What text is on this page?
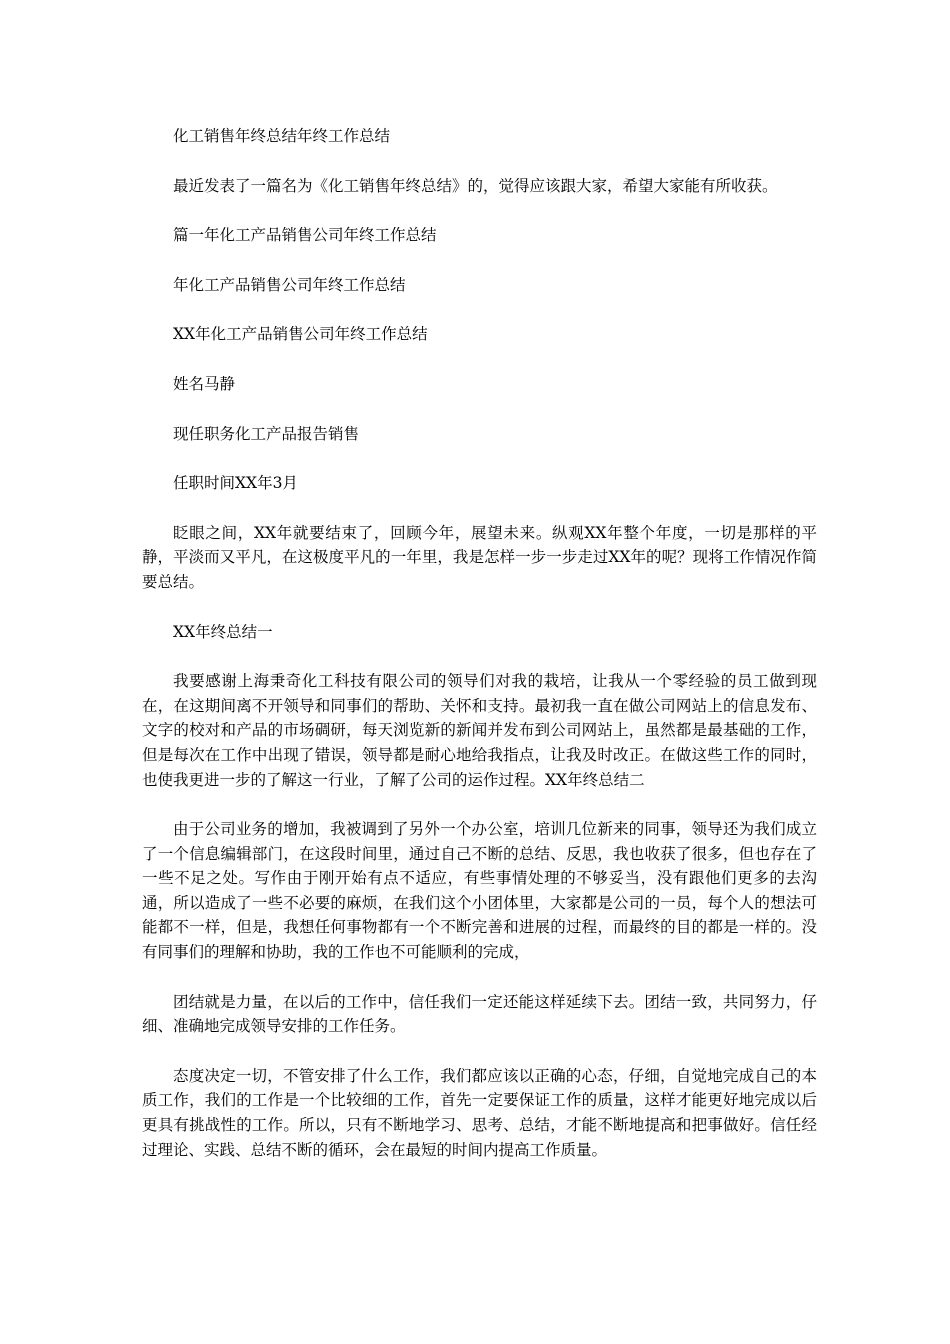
化工销售年终总结年终工作总结

最近发表了一篇名为《化工销售年终总结》的，觉得应该跟大家，希望大家能有所收获。

篇一年化工产品销售公司年终工作总结

年化工产品销售公司年终工作总结

XX年化工产品销售公司年终工作总结

姓名马静

现任职务化工产品报告销售

任职时间XX年3月

眨眼之间，XX年就要结束了，回顾今年，展望未来。纵观XX年整个年度，一切是那样的平静，平淡而又平凡，在这极度平凡的一年里，我是怎样一步一步走过XX年的呢？现将工作情况作简要总结。

XX年终总结一

我要感谢上海秉奇化工科技有限公司的领导们对我的栽培，让我从一个零经验的员工做到现在，在这期间离不开领导和同事们的帮助、关怀和支持。最初我一直在做公司网站上的信息发布、文字的校对和产品的市场碉研，每天浏览新的新闻并发布到公司网站上，虽然都是最基础的工作，但是每次在工作中出现了错误，领导都是耐心地给我指点，让我及时改正。在做这些工作的同时，也使我更进一步的了解这一行业，了解了公司的运作过程。XX年终总结二

由于公司业务的增加，我被调到了另外一个办公室，培训几位新来的同事，领导还为我们成立了一个信息编辑部门，在这段时间里，通过自己不断的总结、反思，我也收获了很多，但也存在了一些不足之处。写作由于刚开始有点不适应，有些事情处理的不够妥当，没有跟他们更多的去沟通，所以造成了一些不必要的麻烦，在我们这个小团体里，大家都是公司的一员，每个人的想法可能都不一样，但是，我想任何事物都有一个不断完善和进展的过程，而最终的目的都是一样的。没有同事们的理解和协助，我的工作也不可能顺利的完成，

团结就是力量，在以后的工作中，信任我们一定还能这样延续下去。团结一致，共同努力，仔细、准确地完成领导安排的工作任务。

态度决定一切，不管安排了什么工作，我们都应该以正确的心态，仔细，自觉地完成自己的本质工作，我们的工作是一个比较细的工作，首先一定要保证工作的质量，这样才能更好地完成以后更具有挑战性的工作。所以，只有不断地学习、思考、总结，才能不断地提高和把事做好。信任经过理论、实践、总结不断的循环，会在最短的时间内提高工作质量。
